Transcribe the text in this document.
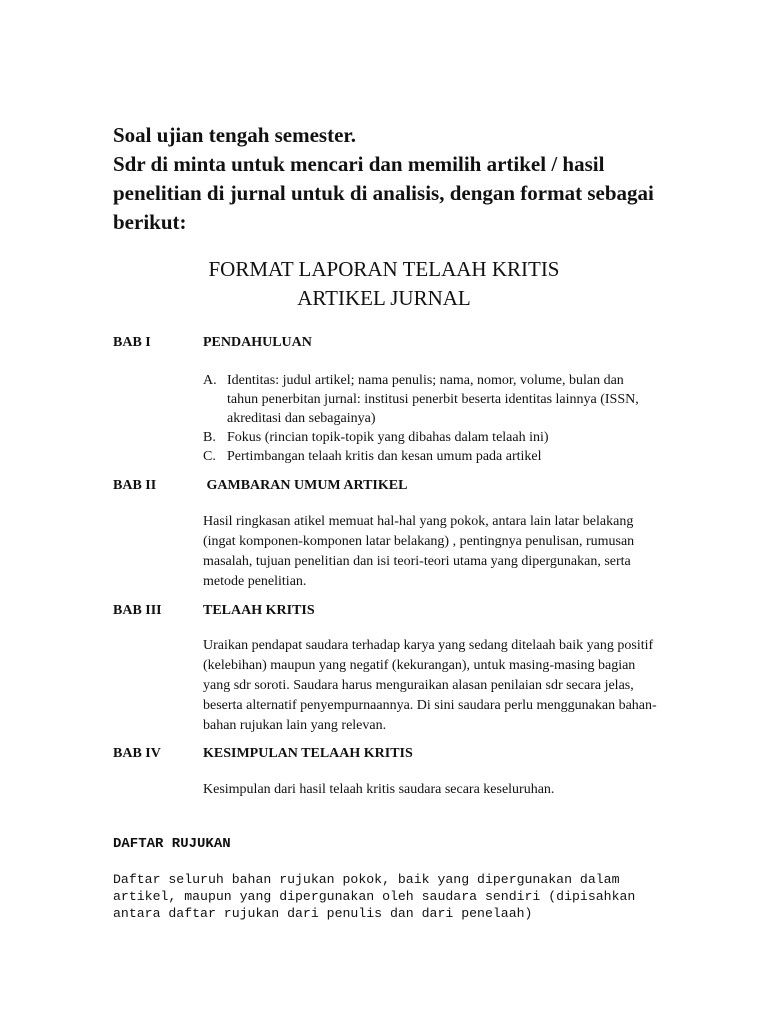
Soal ujian tengah semester.

Sdr di minta untuk mencari dan memilih artikel / hasil penelitian di jurnal untuk di analisis, dengan format sebagai berikut:

FORMAT LAPORAN TELAAH KRITIS
ARTIKEL JURNAL
BAB I	PENDAHULUAN
A. Identitas: judul artikel; nama penulis; nama, nomor, volume, bulan dan tahun penerbitan jurnal: institusi penerbit beserta identitas lainnya (ISSN, akreditasi dan sebagainya)
B. Fokus (rincian topik-topik yang dibahas dalam telaah ini)
C. Pertimbangan telaah kritis dan kesan umum pada artikel
BAB II	GAMBARAN UMUM ARTIKEL

Hasil ringkasan atikel memuat hal-hal yang pokok, antara lain latar belakang (ingat komponen-komponen latar belakang) , pentingnya penulisan, rumusan masalah, tujuan penelitian dan isi teori-teori utama yang dipergunakan, serta metode penelitian.

BAB III	TELAAH KRITIS

Uraikan pendapat saudara terhadap karya yang sedang ditelaah baik yang positif (kelebihan) maupun yang negatif (kekurangan), untuk masing-masing bagian yang sdr soroti. Saudara harus menguraikan alasan penilaian sdr secara jelas, beserta alternatif penyempurnaannya. Di sini saudara perlu menggunakan bahan-bahan rujukan lain yang relevan.

BAB IV	KESIMPULAN TELAAH KRITIS

Kesimpulan dari hasil telaah kritis saudara secara keseluruhan.

DAFTAR RUJUKAN

Daftar seluruh bahan rujukan pokok, baik yang dipergunakan dalam artikel, maupun yang dipergunakan oleh saudara sendiri (dipisahkan antara daftar rujukan dari penulis dan dari penelaah)
